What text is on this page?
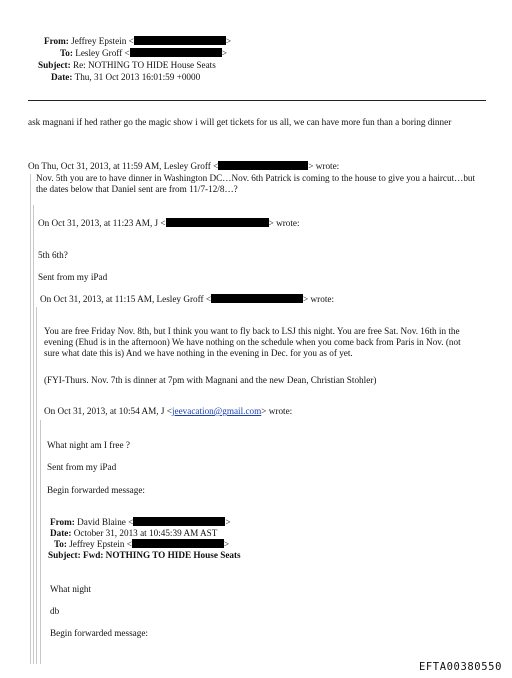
From: Jeffrey Epstein <	>
To: Lesley Groff <	>
Subject: Re: NOTHING TO HIDE House Seats
Date: Thu, 31 Oct 2013 16:01:59 +0000
ask magnani if hed rather go the magic show i will get tickets for us all, we can have more fun than a boring dinner
On Thu, Oct 31, 2013, at 11:59 AM, Lesley Groff <	> wrote:
Nov. 5th you are to have dinner in Washington DC…Nov. 6th Patrick is coming to the house to give you a haircut…but the dates below that Daniel sent are from 11/7-12/8…?
On Oct 31, 2013, at 11:23 AM, J <	> wrote:
5th 6th?
Sent from my iPad
On Oct 31, 2013, at 11:15 AM, Lesley Groff <	> wrote:
You are free Friday Nov. 8th, but I think you want to fly back to LSJ this night. You are free Sat. Nov. 16th in the evening (Ehud is in the afternoon) We have nothing on the schedule when you come back from Paris in Nov. (not sure what date this is) And we have nothing in the evening in Dec. for you as of yet.
(FYI-Thurs. Nov. 7th is dinner at 7pm with Magnani and the new Dean, Christian Stohler)
On Oct 31, 2013, at 10:54 AM, J <jeevacation@gmail.com> wrote:
What night am I free ?
Sent from my iPad
Begin forwarded message:
From: David Blaine <	>
Date: October 31, 2013 at 10:45:39 AM AST
To: Jeffrey Epstein <	>
Subject: Fwd: NOTHING TO HIDE House Seats
What night
db
Begin forwarded message:
EFTA00380550
